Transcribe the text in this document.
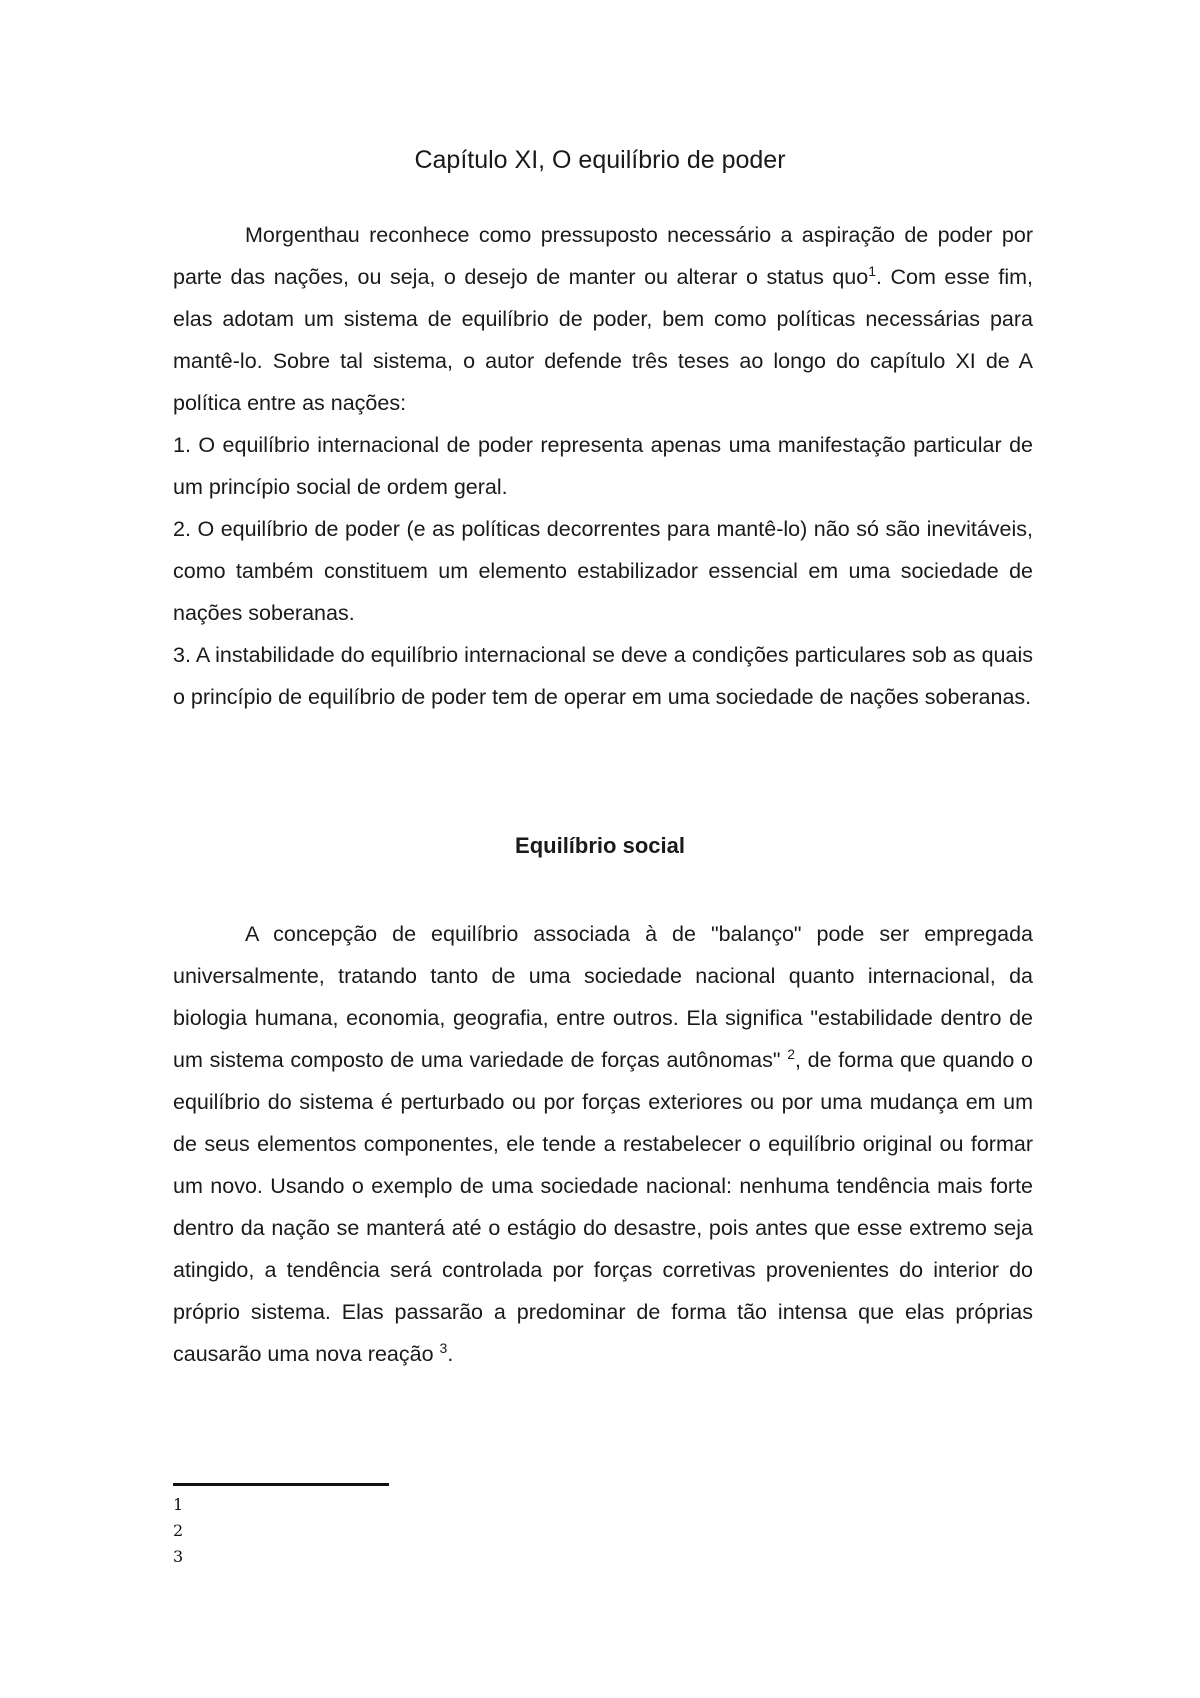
Capítulo XI, O equilíbrio de poder

Morgenthau reconhece como pressuposto necessário a aspiração de poder por parte das nações, ou seja, o desejo de manter ou alterar o status quo$^1$. Com esse fim, elas adotam um sistema de equilíbrio de poder, bem como políticas necessárias para mantê-lo. Sobre tal sistema, o autor defende três teses ao longo do capítulo XI de A política entre as nações:

1. O equilíbrio internacional de poder representa apenas uma manifestação particular de um princípio social de ordem geral.

2. O equilíbrio de poder (e as políticas decorrentes para mantê-lo) não só são inevitáveis, como também constituem um elemento estabilizador essencial em uma sociedade de nações soberanas.

3. A instabilidade do equilíbrio internacional se deve a condições particulares sob as quais o princípio de equilíbrio de poder tem de operar em uma sociedade de nações soberanas.

Equilíbrio social

A concepção de equilíbrio associada à de "balanço" pode ser empregada universalmente, tratando tanto de uma sociedade nacional quanto internacional, da biologia humana, economia, geografia, entre outros. Ela significa "estabilidade dentro de um sistema composto de uma variedade de forças autônomas" $^2$, de forma que quando o equilíbrio do sistema é perturbado ou por forças exteriores ou por uma mudança em um de seus elementos componentes, ele tende a restabelecer o equilíbrio original ou formar um novo. Usando o exemplo de uma sociedade nacional: nenhuma tendência mais forte dentro da nação se manterá até o estágio do desastre, pois antes que esse extremo seja atingido, a tendência será controlada por forças corretivas provenientes do interior do próprio sistema. Elas passarão a predominar de forma tão intensa que elas próprias causarão uma nova reação $^3$.

1
2
3
